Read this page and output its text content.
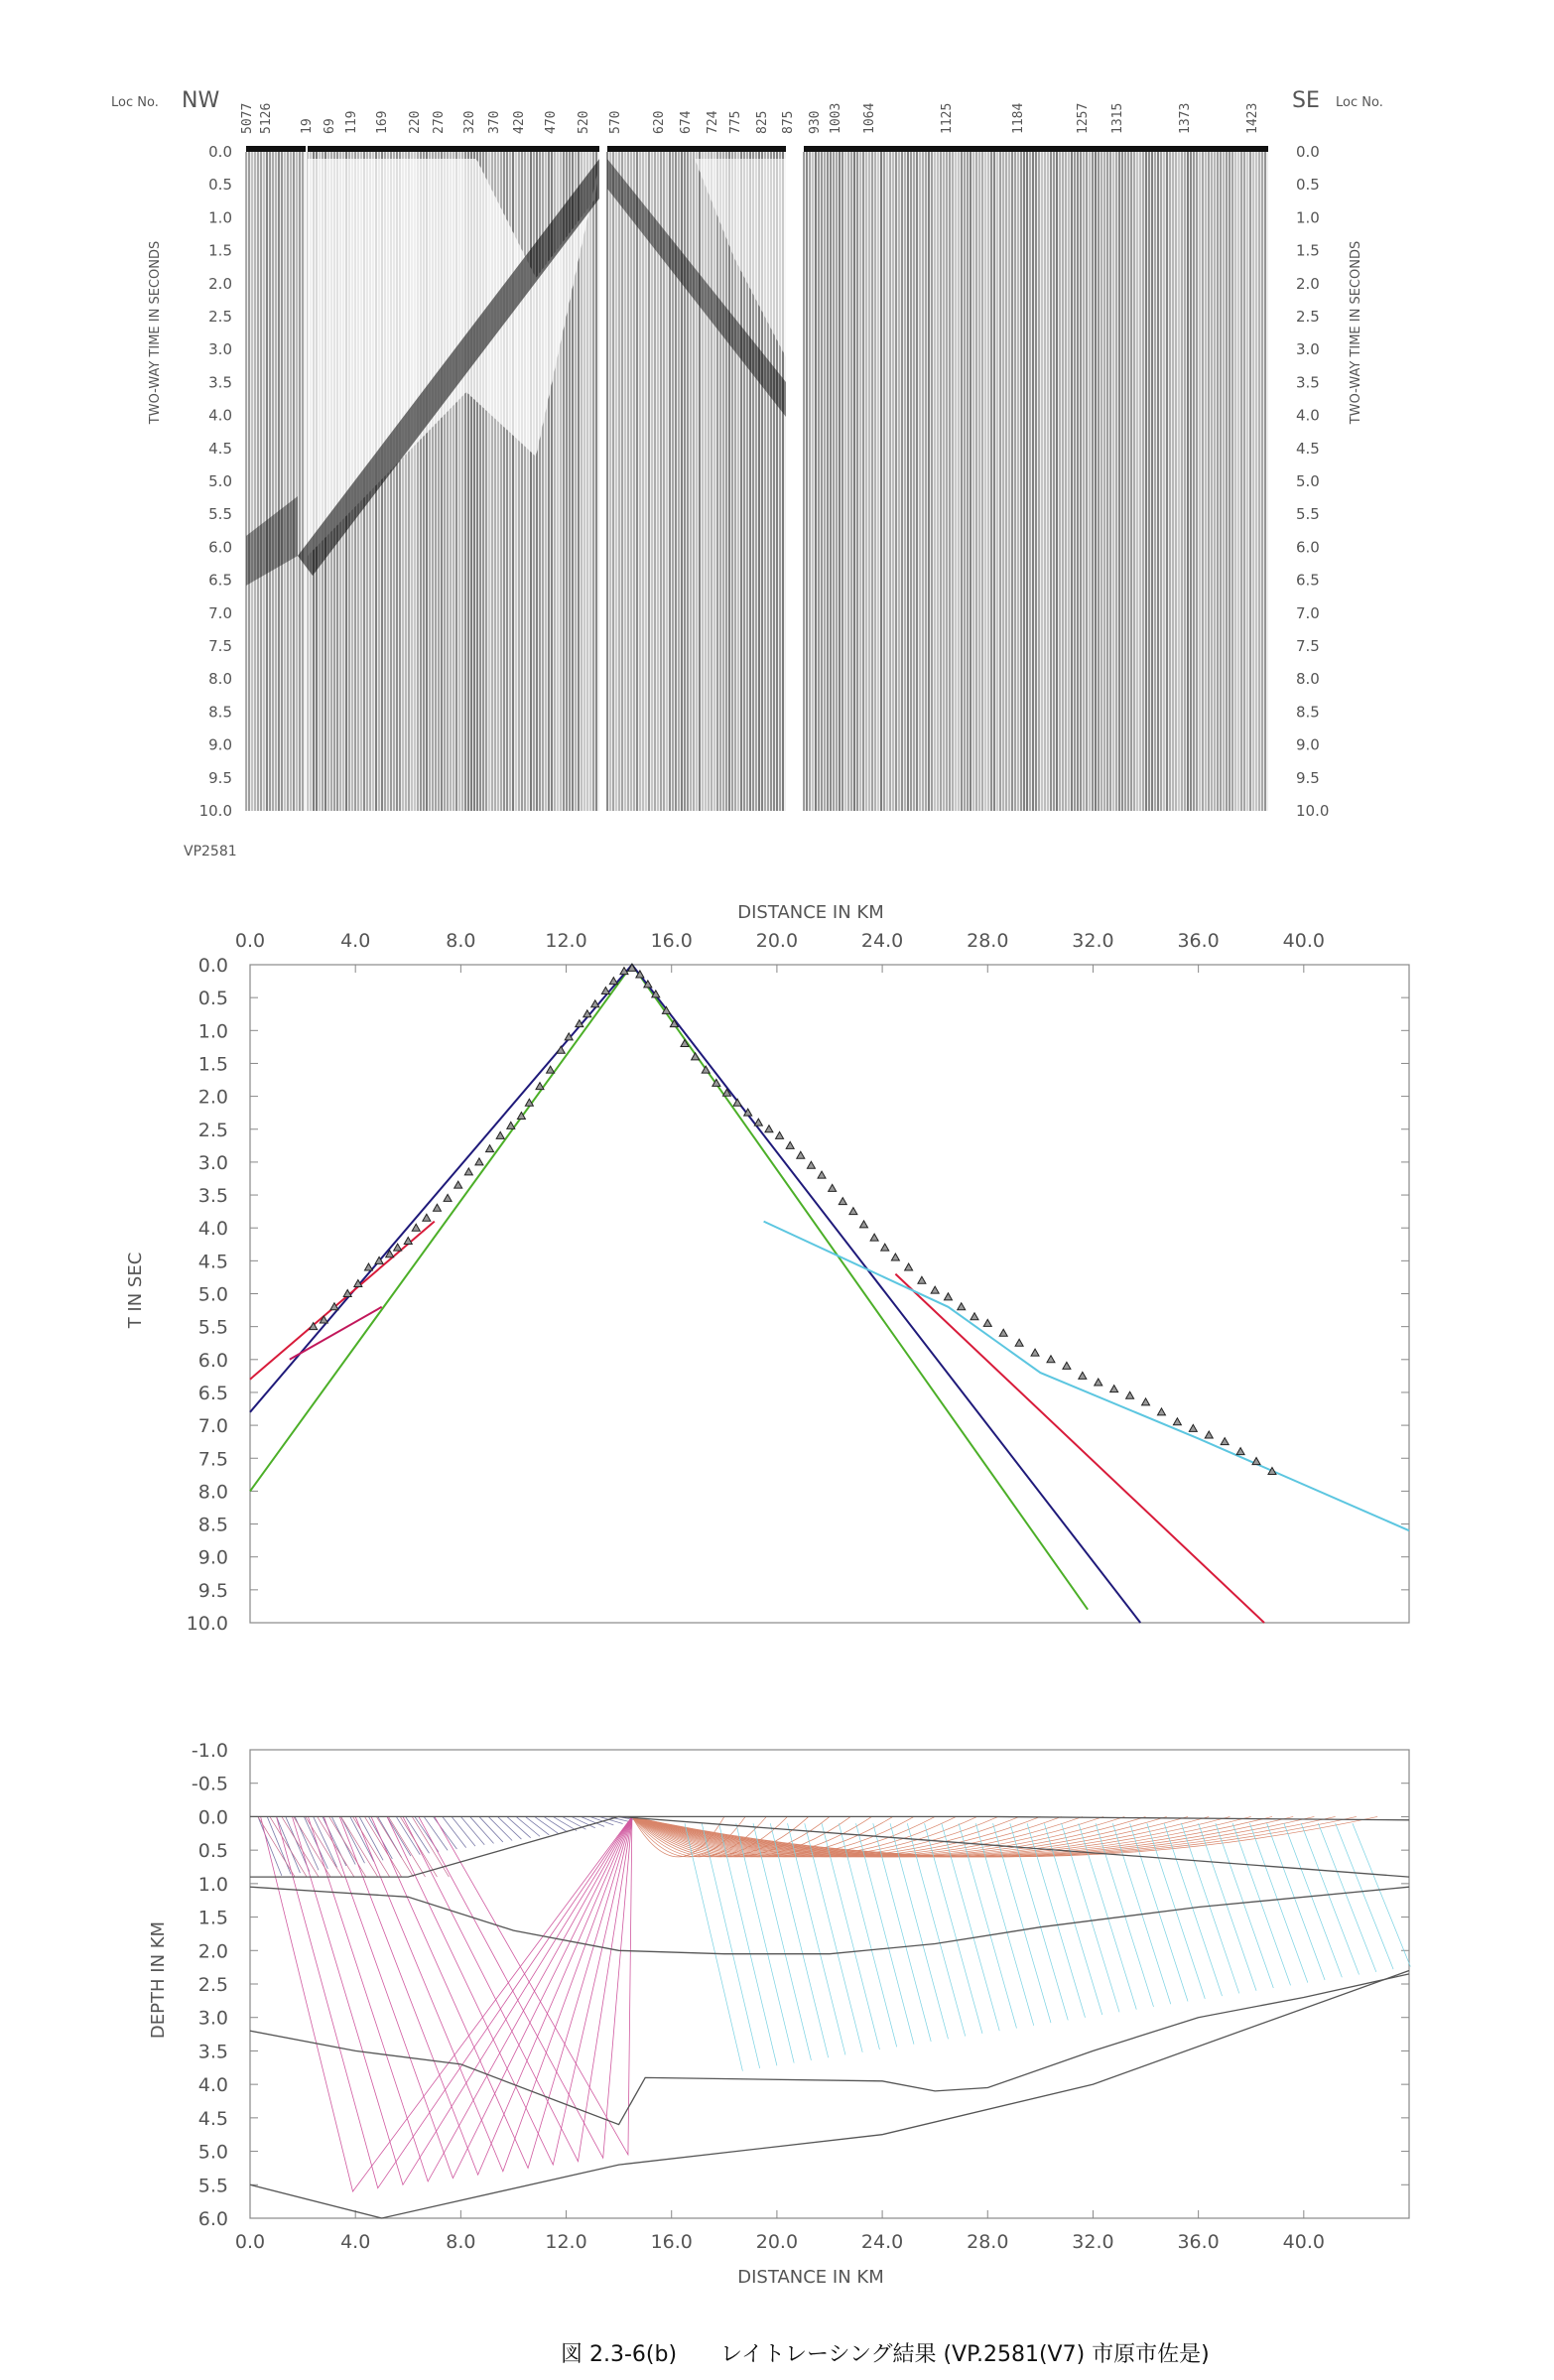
Loc No. NW	SE Loc No.
5077 5126 19 69 119 169 220 270 320 370 420 470 520 570 620 674 724 775 825 875 930 1003 1064	1125	1184	1257 1315	1373	1423
TWO-WAY TIME IN SECONDS	TWO-WAY TIME IN SECONDS
0.0	0.0
0.5	0.5
1.0	1.0
1.5	1.5
2.0	2.0
2.5	2.5
3.0	3.0
3.5	3.5
4.0	4.0
4.5	4.5
5.0	5.0
5.5	5.5
6.0	6.0
6.5	6.5
7.0	7.0
7.5	7.5
8.0	8.0
8.5	8.5
9.0	9.0
9.5	9.5
10.0	10.0
VP2581
DISTANCE IN KM
0.0	4.0	8.0	12.0	16.0	20.0	24.0	28.0	32.0	36.0	40.0
0.0
0.5
1.0
1.5
2.0
2.5
3.0
3.5
4.0
4.5
5.0
5.5
6.0
6.5
7.0
7.5
8.0
8.5
9.0
9.5
10.0
T IN SEC
-1.0
-0.5
0.0
0.5
1.0
1.5
2.0
2.5
3.0
3.5
4.0
4.5
5.0
5.5
6.0
0.0	4.0	8.0	12.0	16.0	20.0	24.0	28.0	32.0	36.0	40.0
DEPTH IN KM
DISTANCE IN KM
図 2.3-6(b)　　レイトレーシング結果 (VP.2581(V7) 市原市佐是)
